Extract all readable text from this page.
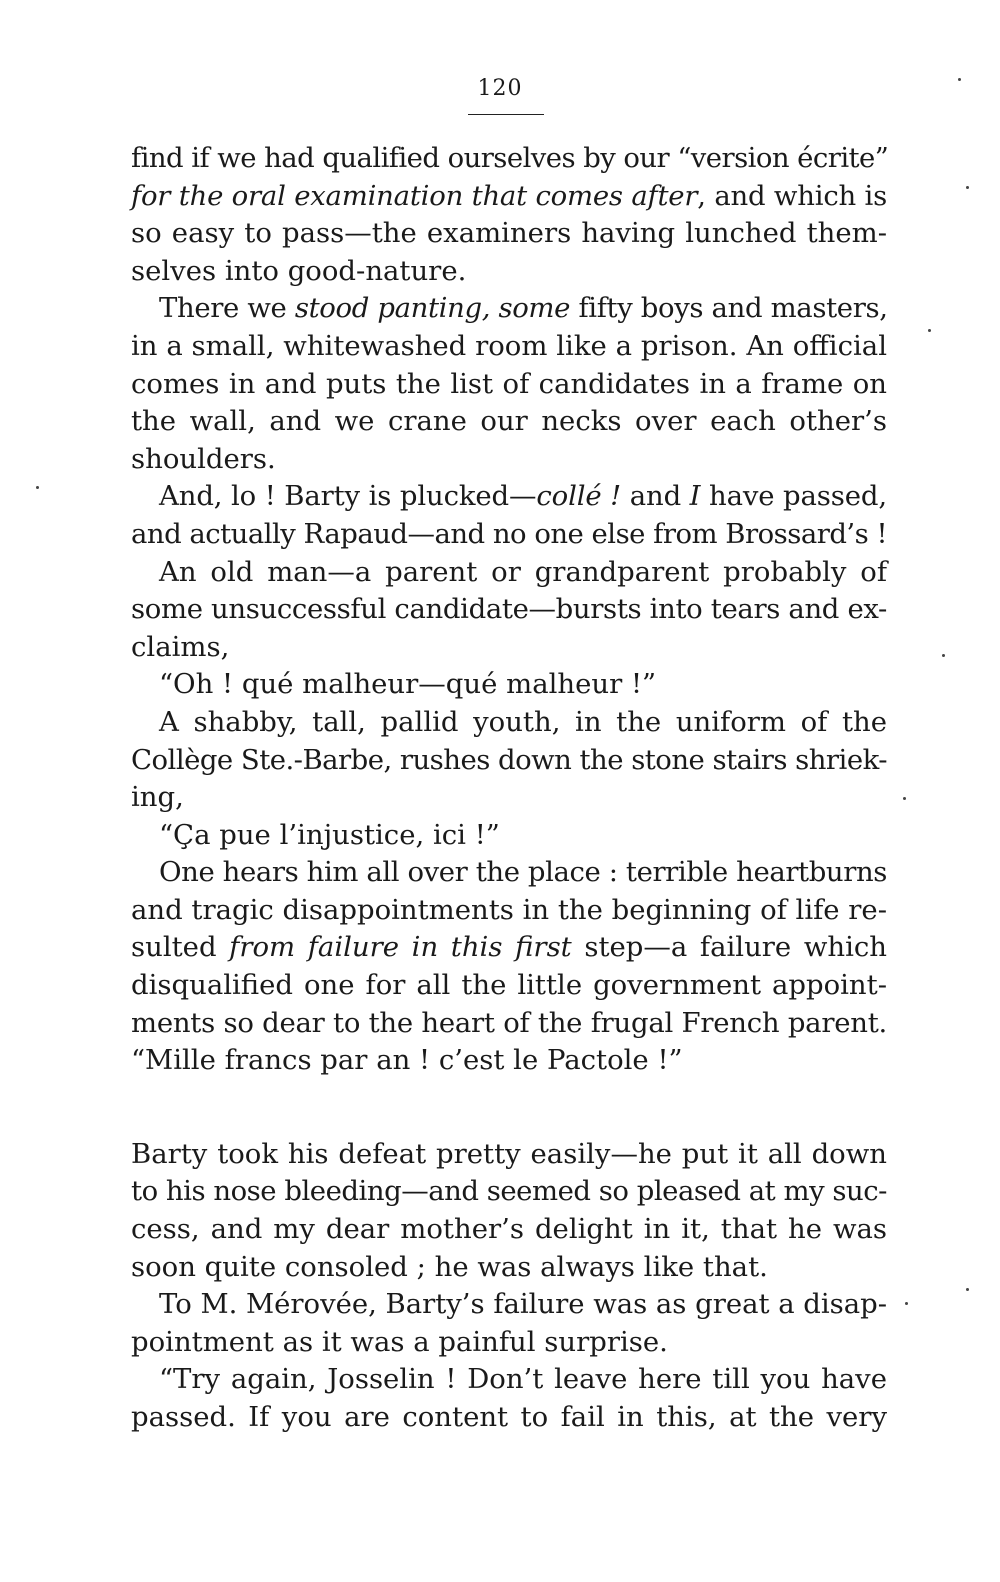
120
find if we had qualified ourselves by our “version écrite”
for the oral examination that comes after, and which is
so easy to pass—the examiners having lunched them-
selves into good-nature.
There we stood panting, some fifty boys and masters,
in a small, whitewashed room like a prison. An official
comes in and puts the list of candidates in a frame on
the wall, and we crane our necks over each other’s
shoulders.
And, lo ! Barty is plucked—collé ! and I have passed,
and actually Rapaud—and no one else from Brossard’s !
An old man—a parent or grandparent probably of
some unsuccessful candidate—bursts into tears and ex-
claims,
“Oh ! qué malheur—qué malheur !”
A shabby, tall, pallid youth, in the uniform of the
Collège Ste.-Barbe, rushes down the stone stairs shriek-
ing,
“Ça pue l’injustice, ici !”
One hears him all over the place : terrible heartburns
and tragic disappointments in the beginning of life re-
sulted from failure in this first step—a failure which
disqualified one for all the little government appoint-
ments so dear to the heart of the frugal French parent.
“Mille francs par an ! c’est le Pactole !”
Barty took his defeat pretty easily—he put it all down
to his nose bleeding—and seemed so pleased at my suc-
cess, and my dear mother’s delight in it, that he was
soon quite consoled ; he was always like that.
To M. Mérovée, Barty’s failure was as great a disap-
pointment as it was a painful surprise.
“Try again, Josselin ! Don’t leave here till you have
passed. If you are content to fail in this, at the very
